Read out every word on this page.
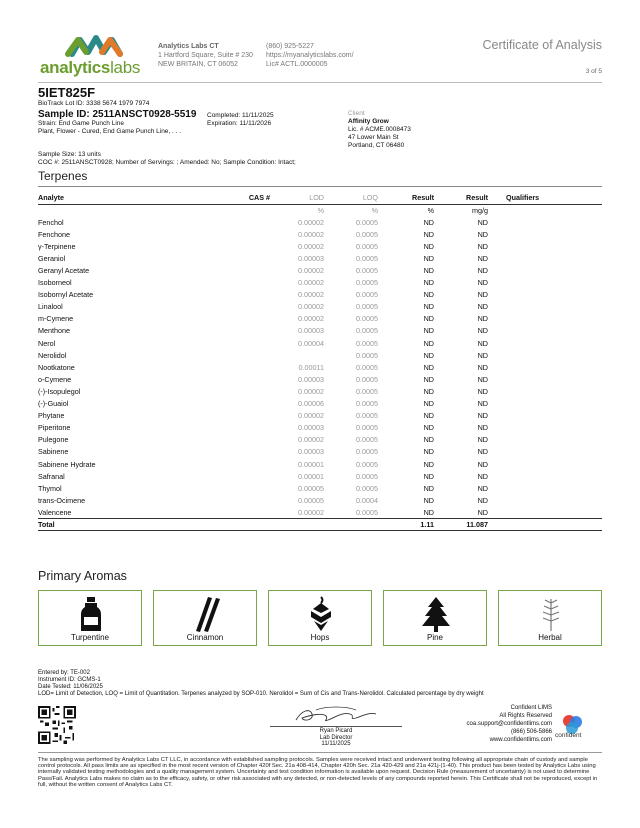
analyticslabs
Analytics Labs CT
1 Hartford Square, Suite # 230
NEW BRITAIN, CT 06052
(860) 925-5227
https://myanalyticslabs.com/
Lic# ACTL.0000005
Certificate of Analysis
3 of 5
5IET825F
BioTrack Lot ID: 3338 5674 1979 7974
Sample ID: 2511ANSCT0928-5519
Strain: End Game Punch Line
Plant, Flower - Cured, End Game Punch Line, . . .
Completed: 11/11/2025
Expiration: 11/11/2026
Client
Affinity Grow
Lic. # ACME.0008473
47 Lower Main St
Portland, CT 06480
Sample Size: 13 units
COC #: 2511ANSCT0928; Number of Servings: ; Amended: No; Sample Condition: Intact;
Terpenes
Analyte	CAS #	LOD	LOQ	Result	Result	Qualifiers
		%	%	%	mg/g	
Fenchol		0.00002	0.0005	ND	ND	
Fenchone		0.00002	0.0005	ND	ND	
γ-Terpinene		0.00002	0.0005	ND	ND	
Geraniol		0.00003	0.0005	ND	ND	
Geranyl Acetate		0.00002	0.0005	ND	ND	
Isoborneol		0.00002	0.0005	ND	ND	
Isobornyl Acetate		0.00002	0.0005	ND	ND	
Linalool		0.00002	0.0005	ND	ND	
m-Cymene		0.00002	0.0005	ND	ND	
Menthone		0.00003	0.0005	ND	ND	
Nerol		0.00004	0.0005	ND	ND	
Nerolidol			0.0005	ND	ND	
Nootkatone		0.00011	0.0005	ND	ND	
o-Cymene		0.00003	0.0005	ND	ND	
(-)-Isopulegol		0.00002	0.0005	ND	ND	
(-)-Guaiol		0.00006	0.0005	ND	ND	
Phytane		0.00002	0.0005	ND	ND	
Piperitone		0.00003	0.0005	ND	ND	
Pulegone		0.00002	0.0005	ND	ND	
Sabinene		0.00003	0.0005	ND	ND	
Sabinene Hydrate		0.00001	0.0005	ND	ND	
Safranal		0.00001	0.0005	ND	ND	
Thymol		0.00005	0.0005	ND	ND	
trans-Ocimene		0.00005	0.0004	ND	ND	
Valencene		0.00002	0.0005	ND	ND	
Total				1.11	11.087	
Primary Aromas
Turpentine	Cinnamon	Hops	Pine	Herbal
Entered by: TE-002
Instrument ID: GCMS-1
Date Tested: 11/06/2025
LOD= Limit of Detection, LOQ = Limit of Quantitation. Terpenes analyzed by SOP-010. Nerolidol = Sum of Cis and Trans-Nerolidol. Calculated percentage by dry weight
Ryan Picard
Lab Director
11/11/2025
Confident LIMS
All Rights Reserved
coa.support@confidentlims.com
(866) 506-5866
www.confidentlims.com
confident
The sampling was performed by Analytics Labs CT LLC, in accordance with established sampling protocols. Samples were received intact and underwent testing following all appropriate chain of custody and sample control protocols. All pass limits are as specified in the most recent version of Chapter 420f Sec. 21a 408-414, Chapter 420h Sec. 21a 420-429 and 21a 421j-(1-40). This product has been tested by Analytics Labs using internally validated testing methodologies and a quality management system. Uncertainty and test condition information is available upon request. Decision Rule (measurement of uncertainty) is not used to determine Pass/Fail. Analytics Labs makes no claim as to the efficacy, safety, or other risk associated with any detected, or non-detected levels of any compounds reported herein. This Certificate shall not be reproduced, except in full, without the written consent of Analytics Labs CT.
